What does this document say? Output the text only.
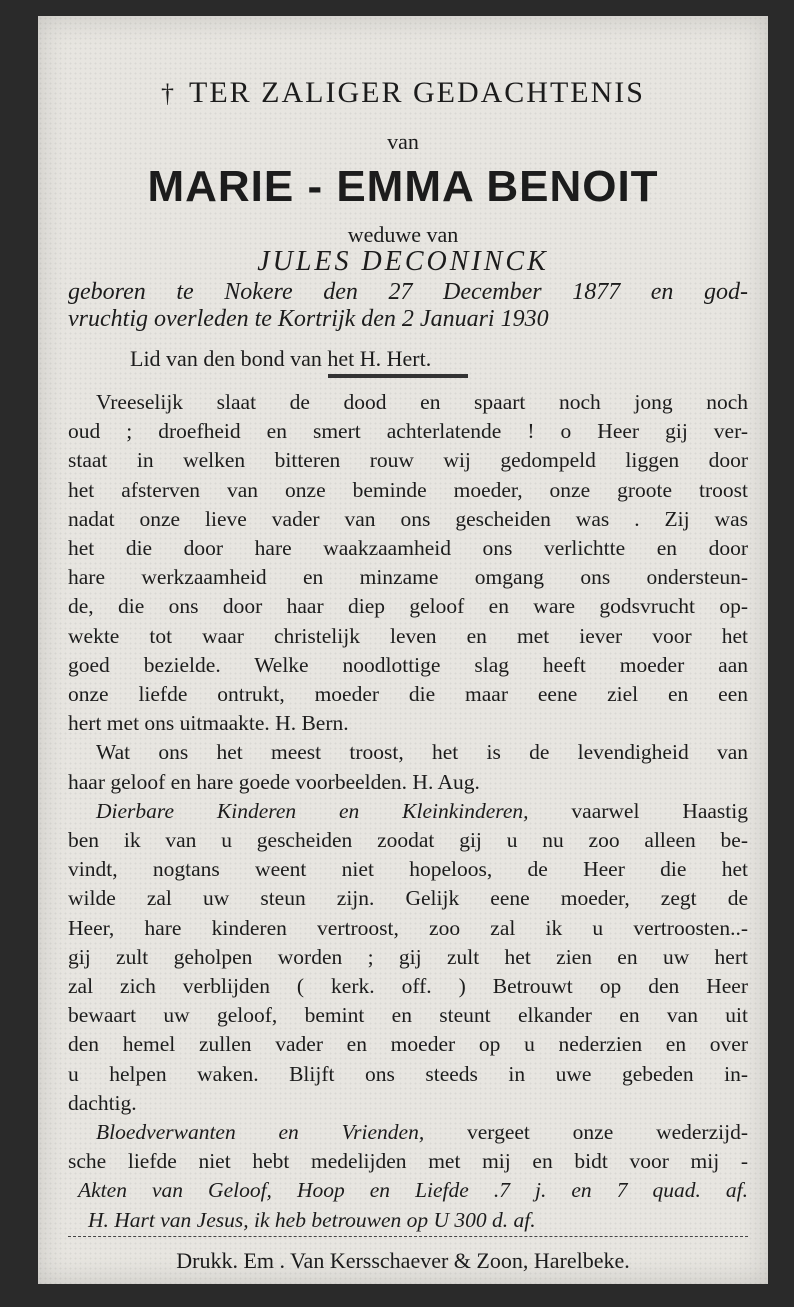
† TER ZALIGER GEDACHTENIS
van
MARIE - EMMA BENOIT
weduwe van
JULES DECONINCK
geboren te Nokere den 27 December 1877 en god-
vruchtig overleden te Kortrijk den 2 Januari 1930
Lid van den bond van het H. Hert.
Vreeselijk slaat de dood en spaart noch jong noch
oud ; droefheid en smert achterlatende ! o Heer gij ver-
staat in welken bitteren rouw wij gedompeld liggen door
het afsterven van onze beminde moeder, onze groote troost
nadat onze lieve vader van ons gescheiden was . Zij was
het die door hare waakzaamheid ons verlichtte en door
hare werkzaamheid en minzame omgang ons ondersteun-
de, die ons door haar diep geloof en ware godsvrucht op-
wekte tot waar christelijk leven en met iever voor het
goed bezielde. Welke noodlottige slag heeft moeder aan
onze liefde ontrukt, moeder die maar eene ziel en een
hert met ons uitmaakte. H. Bern.
Wat ons het meest troost, het is de levendigheid van
haar geloof en hare goede voorbeelden. H. Aug.
Dierbare Kinderen en Kleinkinderen, vaarwel Haastig
ben ik van u gescheiden zoodat gij u nu zoo alleen be-
vindt, nogtans weent niet hopeloos, de Heer die het
wilde zal uw steun zijn. Gelijk eene moeder, zegt de
Heer, hare kinderen vertroost, zoo zal ik u vertroosten..-
gij zult geholpen worden ; gij zult het zien en uw hert
zal zich verblijden ( kerk. off. ) Betrouwt op den Heer
bewaart uw geloof, bemint en steunt elkander en van uit
den hemel zullen vader en moeder op u nederzien en over
u helpen waken. Blijft ons steeds in uwe gebeden in-
dachtig.
Bloedverwanten en Vrienden, vergeet onze wederzijd-
sche liefde niet hebt medelijden met mij en bidt voor mij -
Akten van Geloof, Hoop en Liefde .7 j. en 7 quad. af.
H. Hart van Jesus, ik heb betrouwen op U 300 d. af.
Drukk. Em . Van Kersschaever & Zoon, Harelbeke.
